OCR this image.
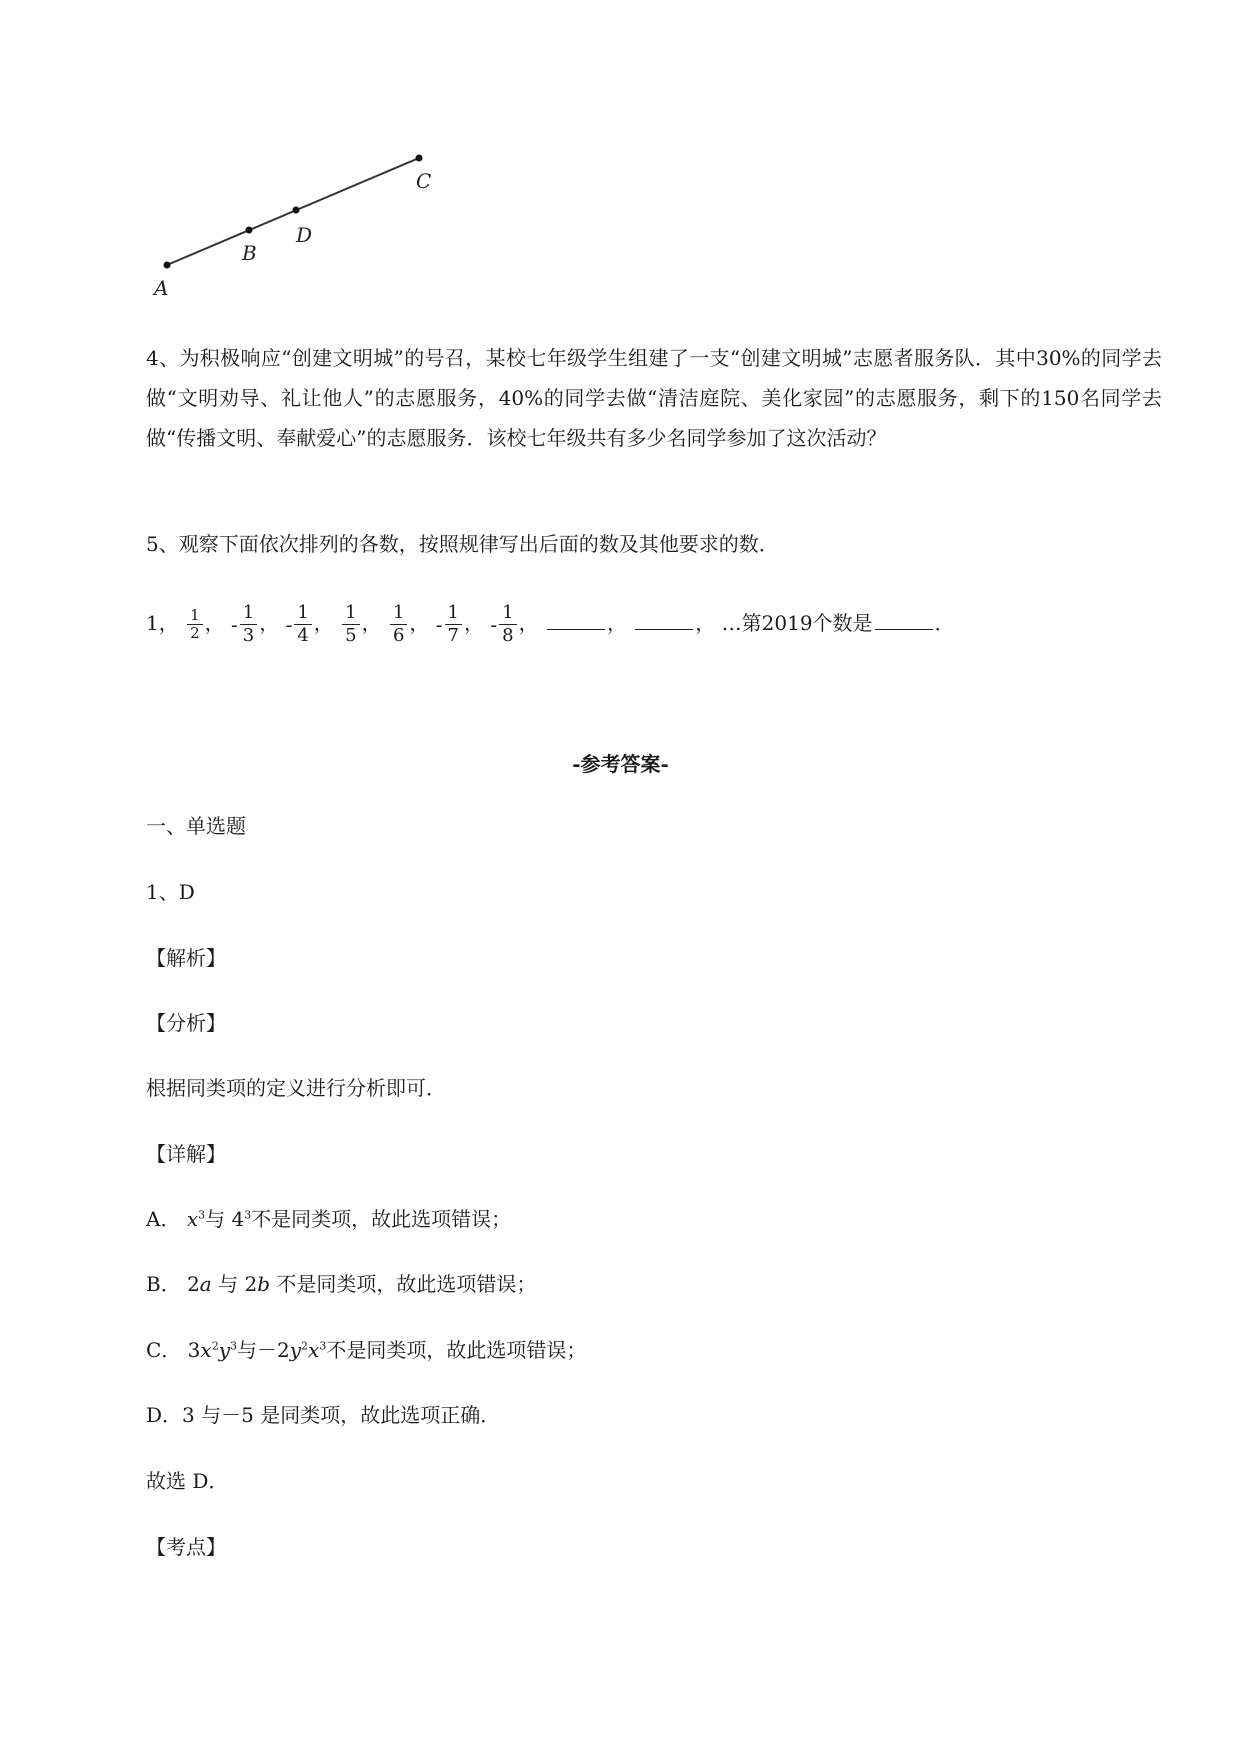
A
B
D
C
4、为积极响应“创建文明城”的号召，某校七年级学生组建了一支“创建文明城”志愿者服务队．其中30%的同学去做“文明劝导、礼让他人”的志愿服务，40%的同学去做“清洁庭院、美化家园”的志愿服务，剩下的150名同学去做“传播文明、奉献爱心”的志愿服务．该校七年级共有多少名同学参加了这次活动？
5、观察下面依次排列的各数，按照规律写出后面的数及其他要求的数．
1， $\frac{1}{2}$ ， - $\frac{1}{3}$ ， - $\frac{1}{4}$ ， $\frac{1}{5}$ ， $\frac{1}{6}$ ， - $\frac{1}{7}$ ， - $\frac{1}{8}$ ，	，	， …第2019个数是	．
-参考答案-
一、单选题
1、D
【解析】
【分析】
根据同类项的定义进行分析即可．
【详解】
A． $x^3$与 $4^3$不是同类项，故此选项错误；
B． 2a 与 2b 不是同类项，故此选项错误；
C． $3x^2y^3$与$-2y^2x^3$不是同类项，故此选项错误；
D．3 与－5 是同类项，故此选项正确．
故选 D．
【考点】
